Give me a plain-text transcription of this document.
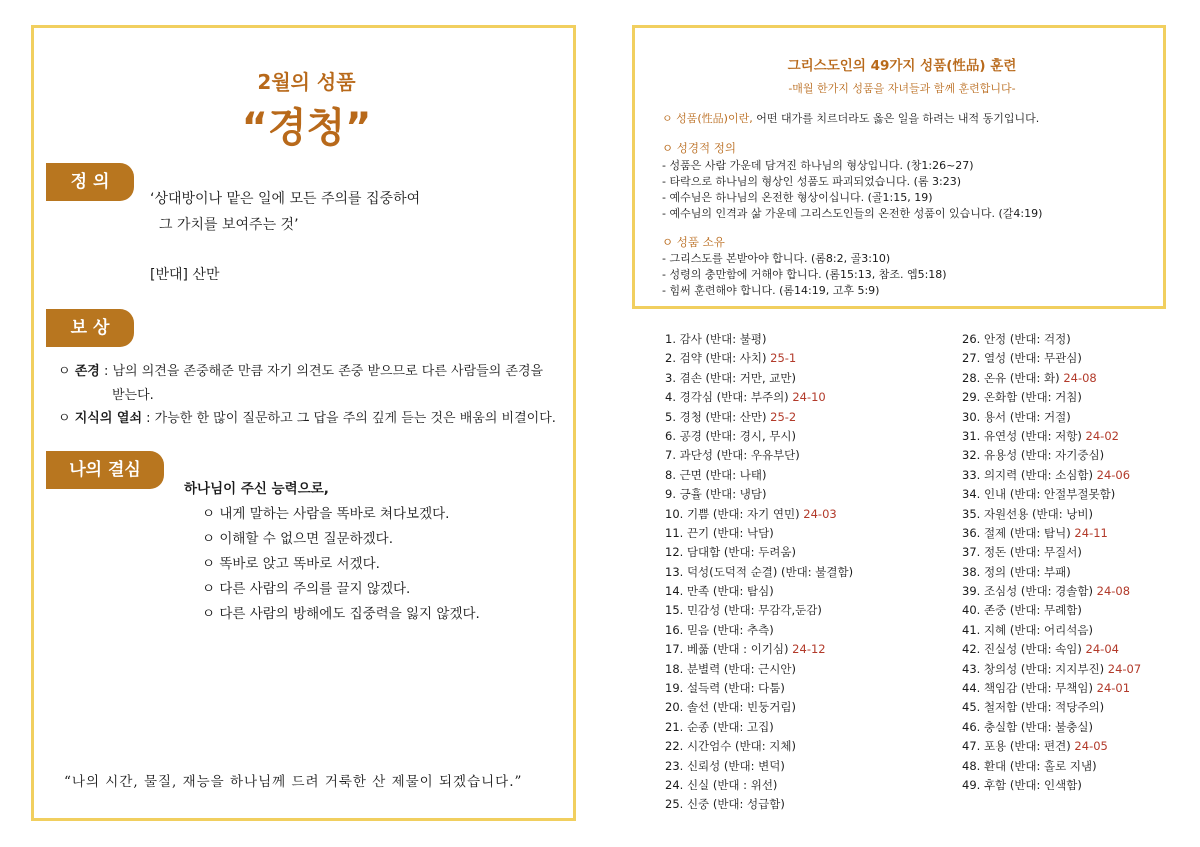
2월의 성품
“경청”
정 의
‘상대방이나 맡은 일에 모든 주의를 집중하여
그 가치를 보여주는 것’
[반대] 산만
보 상
ㅇ 존경 : 남의 의견을 존중해준 만큼 자기 의견도 존중 받으므로 다른 사람들의 존경을
받는다.
ㅇ 지식의 열쇠 : 가능한 한 많이 질문하고 그 답을 주의 깊게 듣는 것은 배움의 비결이다.
나의 결심
하나님이 주신 능력으로,
ㅇ 내게 말하는 사람을 똑바로 쳐다보겠다.
ㅇ 이해할 수 없으면 질문하겠다.
ㅇ 똑바로 앉고 똑바로 서겠다.
ㅇ 다른 사람의 주의를 끌지 않겠다.
ㅇ 다른 사람의 방해에도 집중력을 잃지 않겠다.
“나의 시간, 물질, 재능을 하나님께 드려 거룩한 산 제물이 되겠습니다.”
그리스도인의 49가지 성품(性品) 훈련
-매월 한가지 성품을 자녀들과 함께 훈련합니다-
ㅇ 성품(性品)이란, 어떤 대가를 치르더라도 옳은 일을 하려는 내적 동기입니다.
ㅇ 성경적 정의
- 성품은 사람 가운데 담겨진 하나님의 형상입니다. (창1:26~27)
- 타락으로 하나님의 형상인 성품도 파괴되었습니다. (롬 3:23)
- 예수님은 하나님의 온전한 형상이십니다. (골1:15, 19)
- 예수님의 인격과 삶 가운데 그리스도인들의 온전한 성품이 있습니다. (갈4:19)
ㅇ 성품 소유
- 그리스도를 본받아야 합니다. (롬8:2, 골3:10)
- 성령의 충만함에 거해야 합니다. (롬15:13, 참조. 엡5:18)
- 힘써 훈련해야 합니다. (롬14:19, 고후 5:9)
1. 감사 (반대: 불평)
2. 검약 (반대: 사치) 25-1
3. 겸손 (반대: 거만, 교만)
4. 경각심 (반대: 부주의) 24-10
5. 경청 (반대: 산만) 25-2
6. 공경 (반대: 경시, 무시)
7. 과단성 (반대: 우유부단)
8. 근면 (반대: 나태)
9. 긍휼 (반대: 냉담)
10. 기쁨 (반대: 자기 연민) 24-03
11. 끈기 (반대: 낙담)
12. 담대함 (반대: 두려움)
13. 덕성(도덕적 순결) (반대: 불결함)
14. 만족 (반대: 탐심)
15. 민감성 (반대: 무감각,둔감)
16. 믿음 (반대: 추측)
17. 베풂 (반대 : 이기심) 24-12
18. 분별력 (반대: 근시안)
19. 설득력 (반대: 다툼)
20. 솔선 (반대: 빈둥거림)
21. 순종 (반대: 고집)
22. 시간엄수 (반대: 지체)
23. 신뢰성 (반대: 변덕)
24. 신실 (반대 : 위선)
25. 신중 (반대: 성급함)
26. 안정 (반대: 걱정)
27. 열성 (반대: 무관심)
28. 온유 (반대: 화) 24-08
29. 온화함 (반대: 거침)
30. 용서 (반대: 거절)
31. 유연성 (반대: 저항) 24-02
32. 유용성 (반대: 자기중심)
33. 의지력 (반대: 소심함) 24-06
34. 인내 (반대: 안절부절못함)
35. 자원선용 (반대: 낭비)
36. 절제 (반대: 탐닉) 24-11
37. 정돈 (반대: 무질서)
38. 정의 (반대: 부패)
39. 조심성 (반대: 경솔함) 24-08
40. 존중 (반대: 무례함)
41. 지혜 (반대: 어리석음)
42. 진실성 (반대: 속임) 24-04
43. 창의성 (반대: 지지부진) 24-07
44. 책임감 (반대: 무책임) 24-01
45. 철저함 (반대: 적당주의)
46. 충실함 (반대: 불충실)
47. 포용 (반대: 편견) 24-05
48. 환대 (반대: 홀로 지냄)
49. 후함 (반대: 인색함)
